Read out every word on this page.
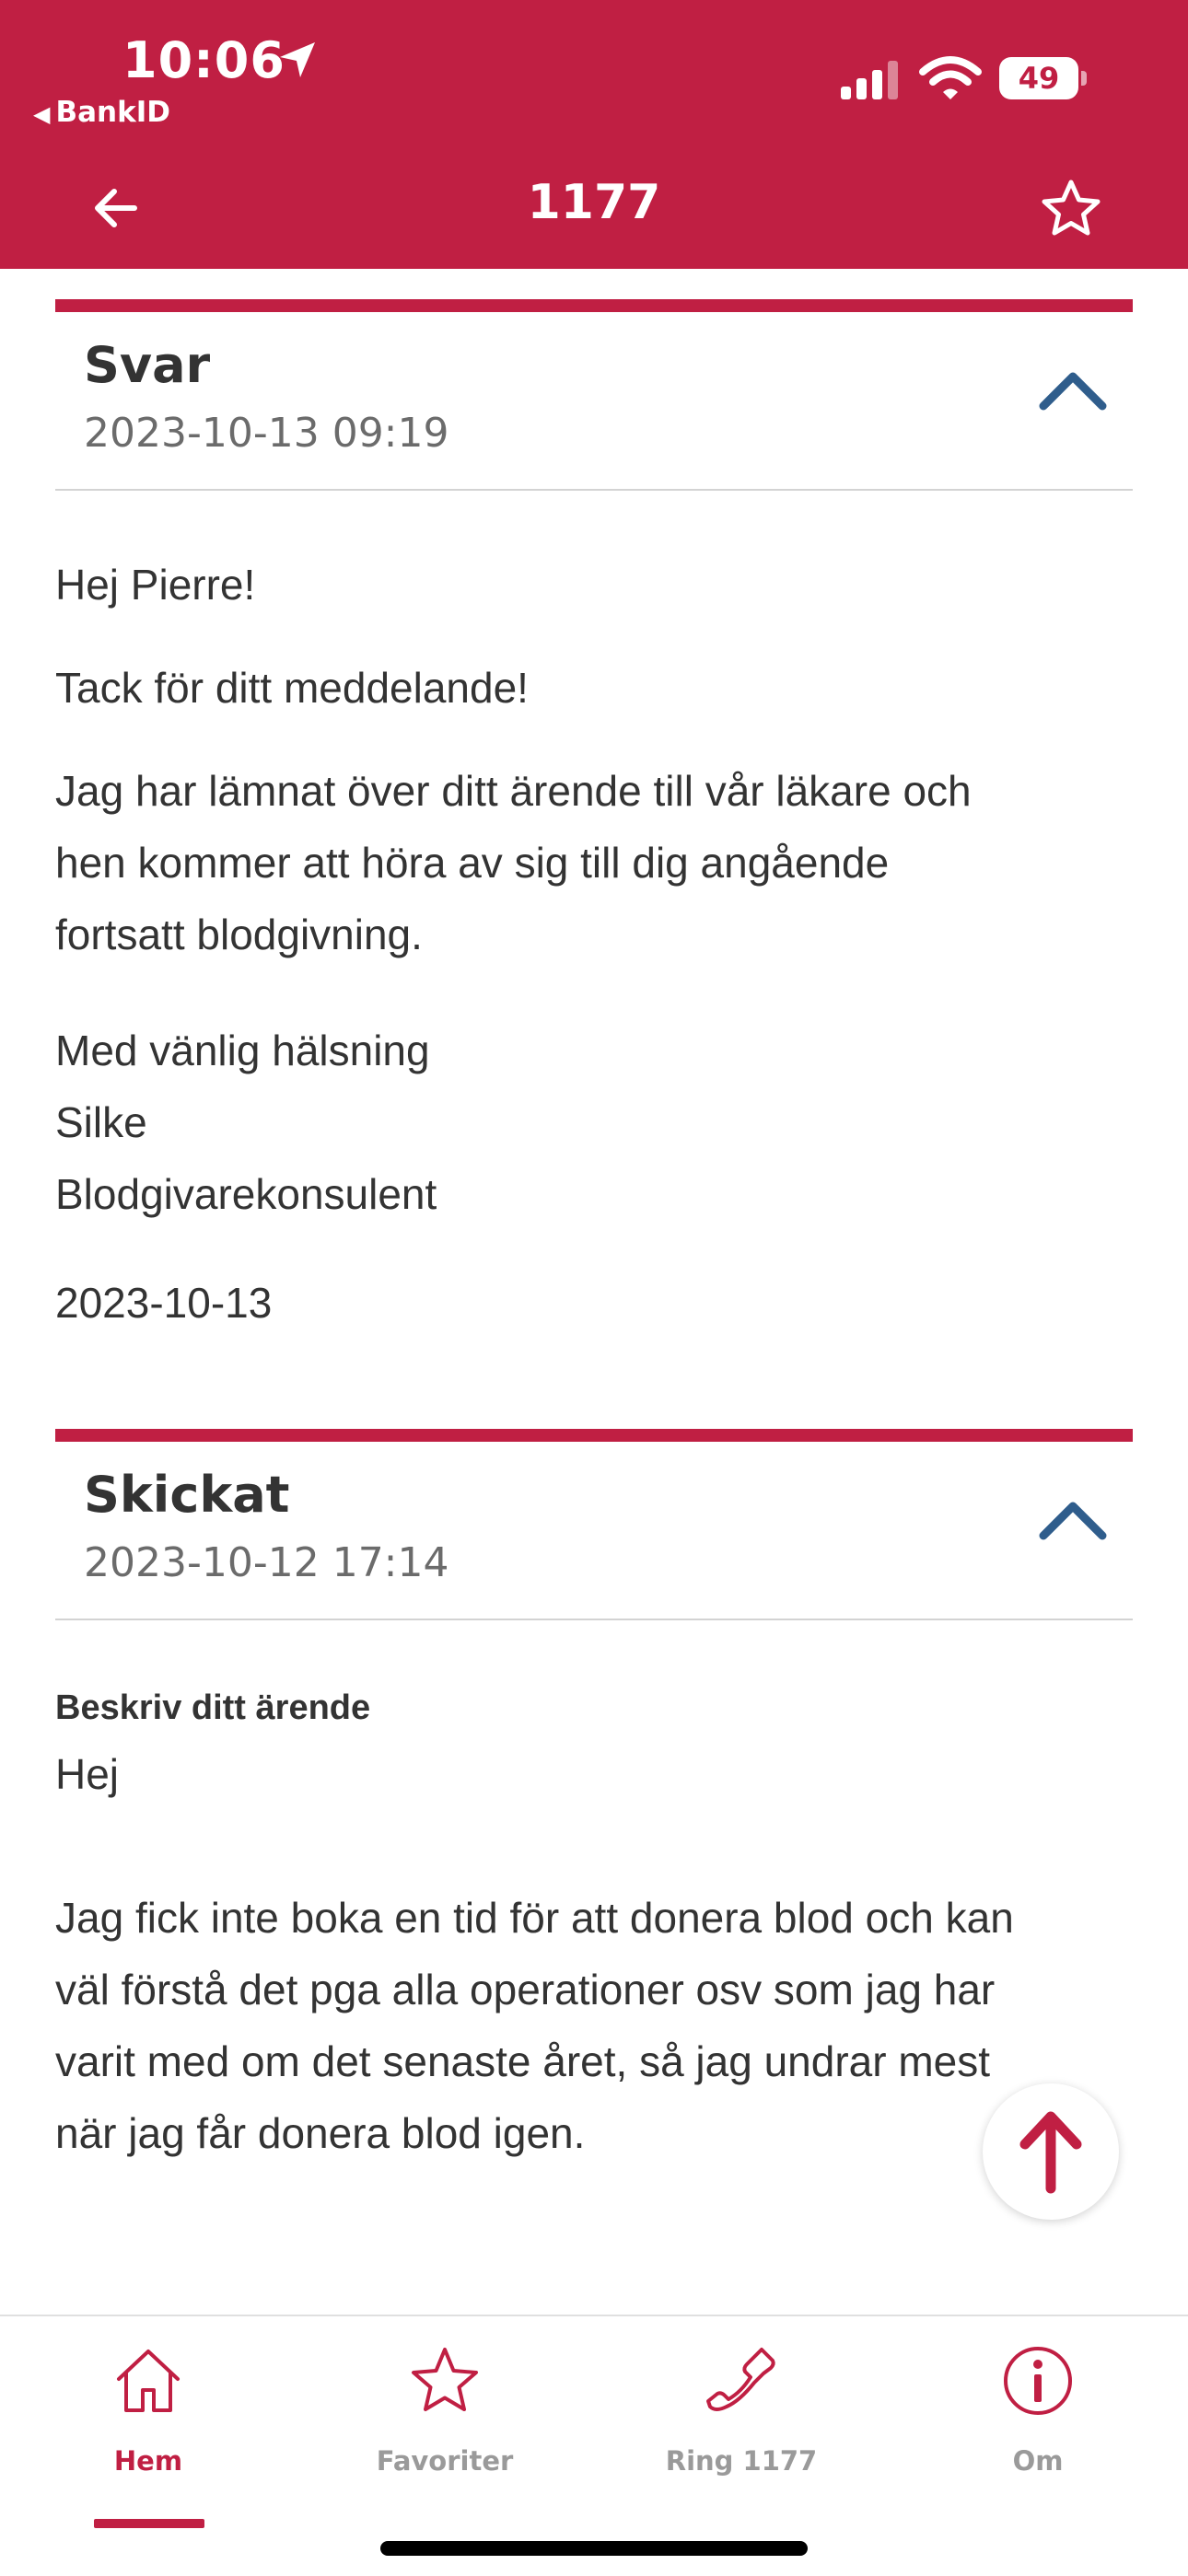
10:06
◀ BankID
49
1177
Svar
2023-10-13 09:19
Hej Pierre!
Tack för ditt meddelande!
Jag har lämnat över ditt ärende till vår läkare och
hen kommer att höra av sig till dig angående
fortsatt blodgivning.
Med vänlig hälsning
Silke
Blodgivarekonsulent
2023-10-13
Skickat
2023-10-12 17:14
Beskriv ditt ärende
Hej
Jag fick inte boka en tid för att donera blod och kan
väl förstå det pga alla operationer osv som jag har
varit med om det senaste året, så jag undrar mest
när jag får donera blod igen.
Hem	Favoriter	Ring 1177	Om
